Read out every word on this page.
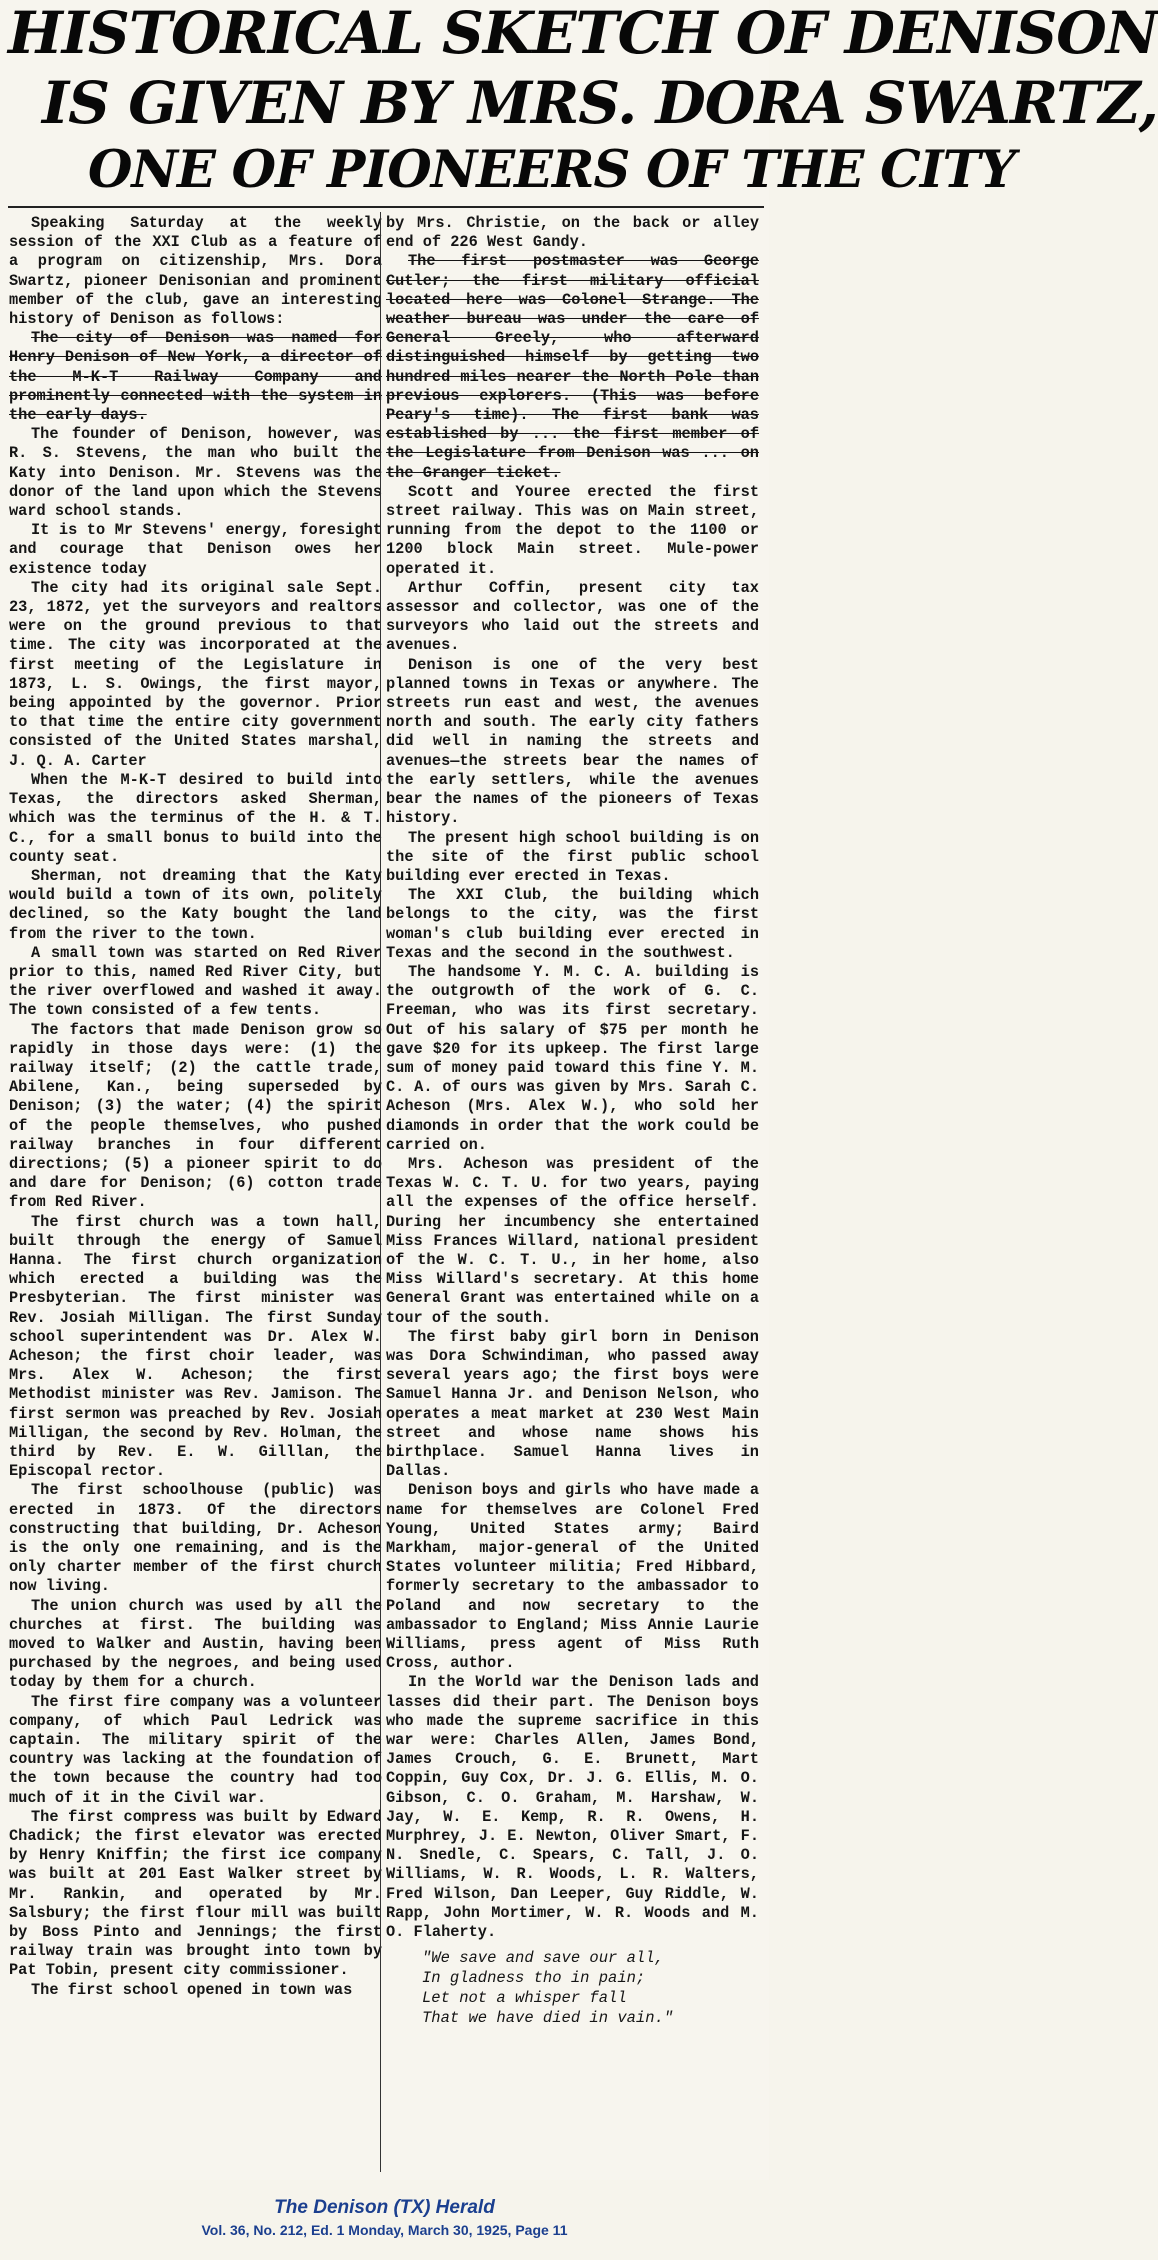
HISTORICAL SKETCH OF DENISON
IS GIVEN BY MRS. DORA SWARTZ,
ONE OF PIONEERS OF THE CITY

Speaking Saturday at the weekly session of the XXI Club as a feature of a program on citizenship, Mrs. Dora Swartz, pioneer Denisonian and prominent member of the club, gave an interesting history of Denison as follows:

The city of Denison was named for Henry Denison of New York, a director of the M-K-T Railway Company and prominently connected with the system in the early days.

The founder of Denison, however, was R. S. Stevens, the man who built the Katy into Denison. Mr. Stevens was the donor of the land upon which the Stevens ward school stands.

It is to Mr Stevens' energy, foresight and courage that Denison owes her existence today

The city had its original sale Sept. 23, 1872, yet the surveyors and realtors were on the ground previous to that time. The city was incorporated at the first meeting of the Legislature in 1873, L. S. Owings, the first mayor, being appointed by the governor. Prior to that time the entire city government consisted of the United States marshal, J. Q. A. Carter

When the M-K-T desired to build into Texas, the directors asked Sherman, which was the terminus of the H. & T. C., for a small bonus to build into the county seat.

Sherman, not dreaming that the Katy would build a town of its own, politely declined, so the Katy bought the land from the river to the town.

A small town was started on Red River prior to this, named Red River City, but the river overflowed and washed it away. The town consisted of a few tents.

The factors that made Denison grow so rapidly in those days were: (1) the railway itself; (2) the cattle trade, Abilene, Kan., being superseded by Denison; (3) the water; (4) the spirit of the people themselves, who pushed railway branches in four different directions; (5) a pioneer spirit to do and dare for Denison; (6) cotton trade from Red River.

The first church was a town hall, built through the energy of Samuel Hanna. The first church organization which erected a building was the Presbyterian. The first minister was Rev. Josiah Milligan. The first Sunday school superintendent was Dr. Alex W. Acheson; the first choir leader, was Mrs. Alex W. Acheson; the first Methodist minister was Rev. Jamison. The first sermon was preached by Rev. Josiah Milligan, the second by Rev. Holman, the third by Rev. E. W. Gilllan, the Episcopal rector.

The first schoolhouse (public) was erected in 1873. Of the directors constructing that building, Dr. Acheson is the only one remaining, and is the only charter member of the first church now living.

The union church was used by all the churches at first. The building was moved to Walker and Austin, having been purchased by the negroes, and being used today by them for a church.

The first fire company was a volunteer company, of which Paul Ledrick was captain. The military spirit of the country was lacking at the foundation of the town because the country had too much of it in the Civil war.

The first compress was built by Edward Chadick; the first elevator was erected by Henry Kniffin; the first ice company was built at 201 East Walker street by Mr. Rankin, and operated by Mr. Salsbury; the first flour mill was built by Boss Pinto and Jennings; the first railway train was brought into town by Pat Tobin, present city commissioner.

The first school opened in town was

by Mrs. Christie, on the back or alley end of 226 West Gandy.

The first postmaster was George Cutler; the first military official located here was Colonel Strange. The weather bureau was under the care of General Greely, who afterward distinguished himself by getting two hundred miles nearer the North Pole than previous explorers. (This was before Peary's time). The first bank was established by ... the first member of the Legislature from Denison was ... on the Granger ticket.

Scott and Youree erected the first street railway. This was on Main street, running from the depot to the 1100 or 1200 block Main street. Mule-power operated it.

Arthur Coffin, present city tax assessor and collector, was one of the surveyors who laid out the streets and avenues.

Denison is one of the very best planned towns in Texas or anywhere. The streets run east and west, the avenues north and south. The early city fathers did well in naming the streets and avenues—the streets bear the names of the early settlers, while the avenues bear the names of the pioneers of Texas history.

The present high school building is on the site of the first public school building ever erected in Texas.

The XXI Club, the building which belongs to the city, was the first woman's club building ever erected in Texas and the second in the southwest.

The handsome Y. M. C. A. building is the outgrowth of the work of G. C. Freeman, who was its first secretary. Out of his salary of $75 per month he gave $20 for its upkeep. The first large sum of money paid toward this fine Y. M. C. A. of ours was given by Mrs. Sarah C. Acheson (Mrs. Alex W.), who sold her diamonds in order that the work could be carried on.

Mrs. Acheson was president of the Texas W. C. T. U. for two years, paying all the expenses of the office herself. During her incumbency she entertained Miss Frances Willard, national president of the W. C. T. U., in her home, also Miss Willard's secretary. At this home General Grant was entertained while on a tour of the south.

The first baby girl born in Denison was Dora Schwindiman, who passed away several years ago; the first boys were Samuel Hanna Jr. and Denison Nelson, who operates a meat market at 230 West Main street and whose name shows his birthplace. Samuel Hanna lives in Dallas.

Denison boys and girls who have made a name for themselves are Colonel Fred Young, United States army; Baird Markham, major-general of the United States volunteer militia; Fred Hibbard, formerly secretary to the ambassador to Poland and now secretary to the ambassador to England; Miss Annie Laurie Williams, press agent of Miss Ruth Cross, author.

In the World war the Denison lads and lasses did their part. The Denison boys who made the supreme sacrifice in this war were: Charles Allen, James Bond, James Crouch, G. E. Brunett, Mart Coppin, Guy Cox, Dr. J. G. Ellis, M. O. Gibson, C. O. Graham, M. Harshaw, W. Jay, W. E. Kemp, R. R. Owens, H. Murphrey, J. E. Newton, Oliver Smart, F. N. Snedle, C. Spears, C. Tall, J. O. Williams, W. R. Woods, L. R. Walters, Fred Wilson, Dan Leeper, Guy Riddle, W. Rapp, John Mortimer, W. R. Woods and M. O. Flaherty.

"We save and save our all,
In gladness tho in pain;
Let not a whisper fall
That we have died in vain."
The Denison (TX) Herald
Vol. 36, No. 212, Ed. 1 Monday, March 30, 1925, Page 11
